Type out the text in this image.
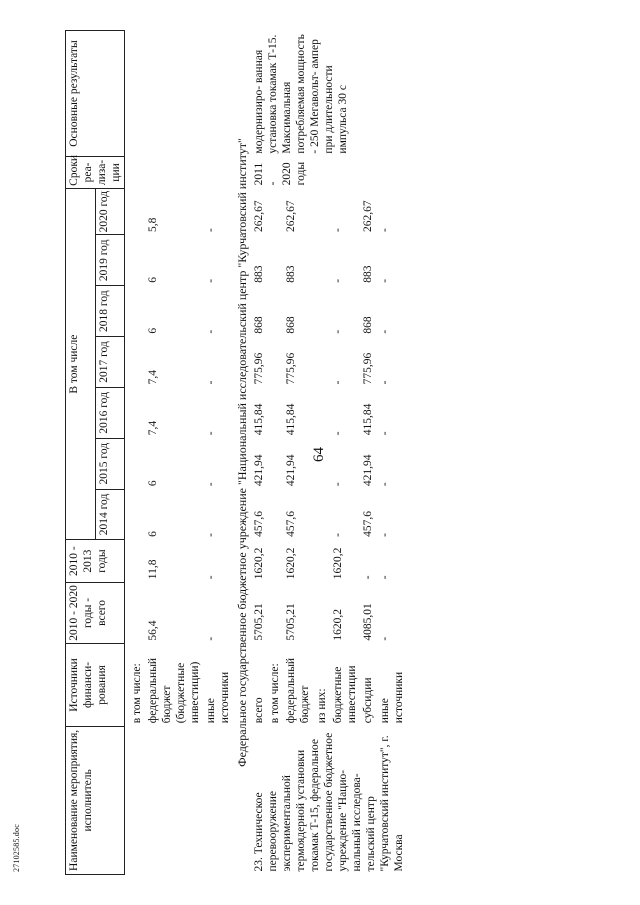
64
27102585.doc	Наименование мероприятия, исполнитель	Источники финанси- рования	2010 - 2020 годы - всего	2010 - 2013 годы	В том числе							Сроки реа- лиза- ции	Основные результаты
				2014 год	2015 год	2016 год	2017 год	2018 год	2019 год	2020 год		

	в том числе:											
	федеральный бюджет (бюджетные инвестиции)	56,4	11,8	6	6	7,4	7,4	6	6	5,8		
	иные источники	-	-	-	-	-	-	-	-	-		
Федеральное государственное бюджетное учреждение "Национальный исследовательский центр "Курчатовский институт"												
23. Техническое перевооружение экспериментальной термоядерной установки токамак Т-15, федеральное государственное бюджетное учреждение "Нацио- нальный исследова- тельский центр "Курчатовский институт", г. Москва	всего	5705,21	1620,2	457,6	421,94	415,84	775,96	868	883	262,67	2011 - 2020 годы	модернизиро- ванная установка токамак Т-15. Максимальная потребляемая мощность - 250 Мегавольт- ампер при длительности импульса 30 с
	в том числе:											
	федеральный бюджет	5705,21	1620,2	457,6	421,94	415,84	775,96	868	883	262,67		
	из них:											
	бюджетные инвестиции	1620,2	1620,2	-	-	-	-	-	-	-		
	субсидии	4085,01	-	457,6	421,94	415,84	775,96	868	883	262,67		
	иные источники	-	-	-	-	-	-	-	-	-		
